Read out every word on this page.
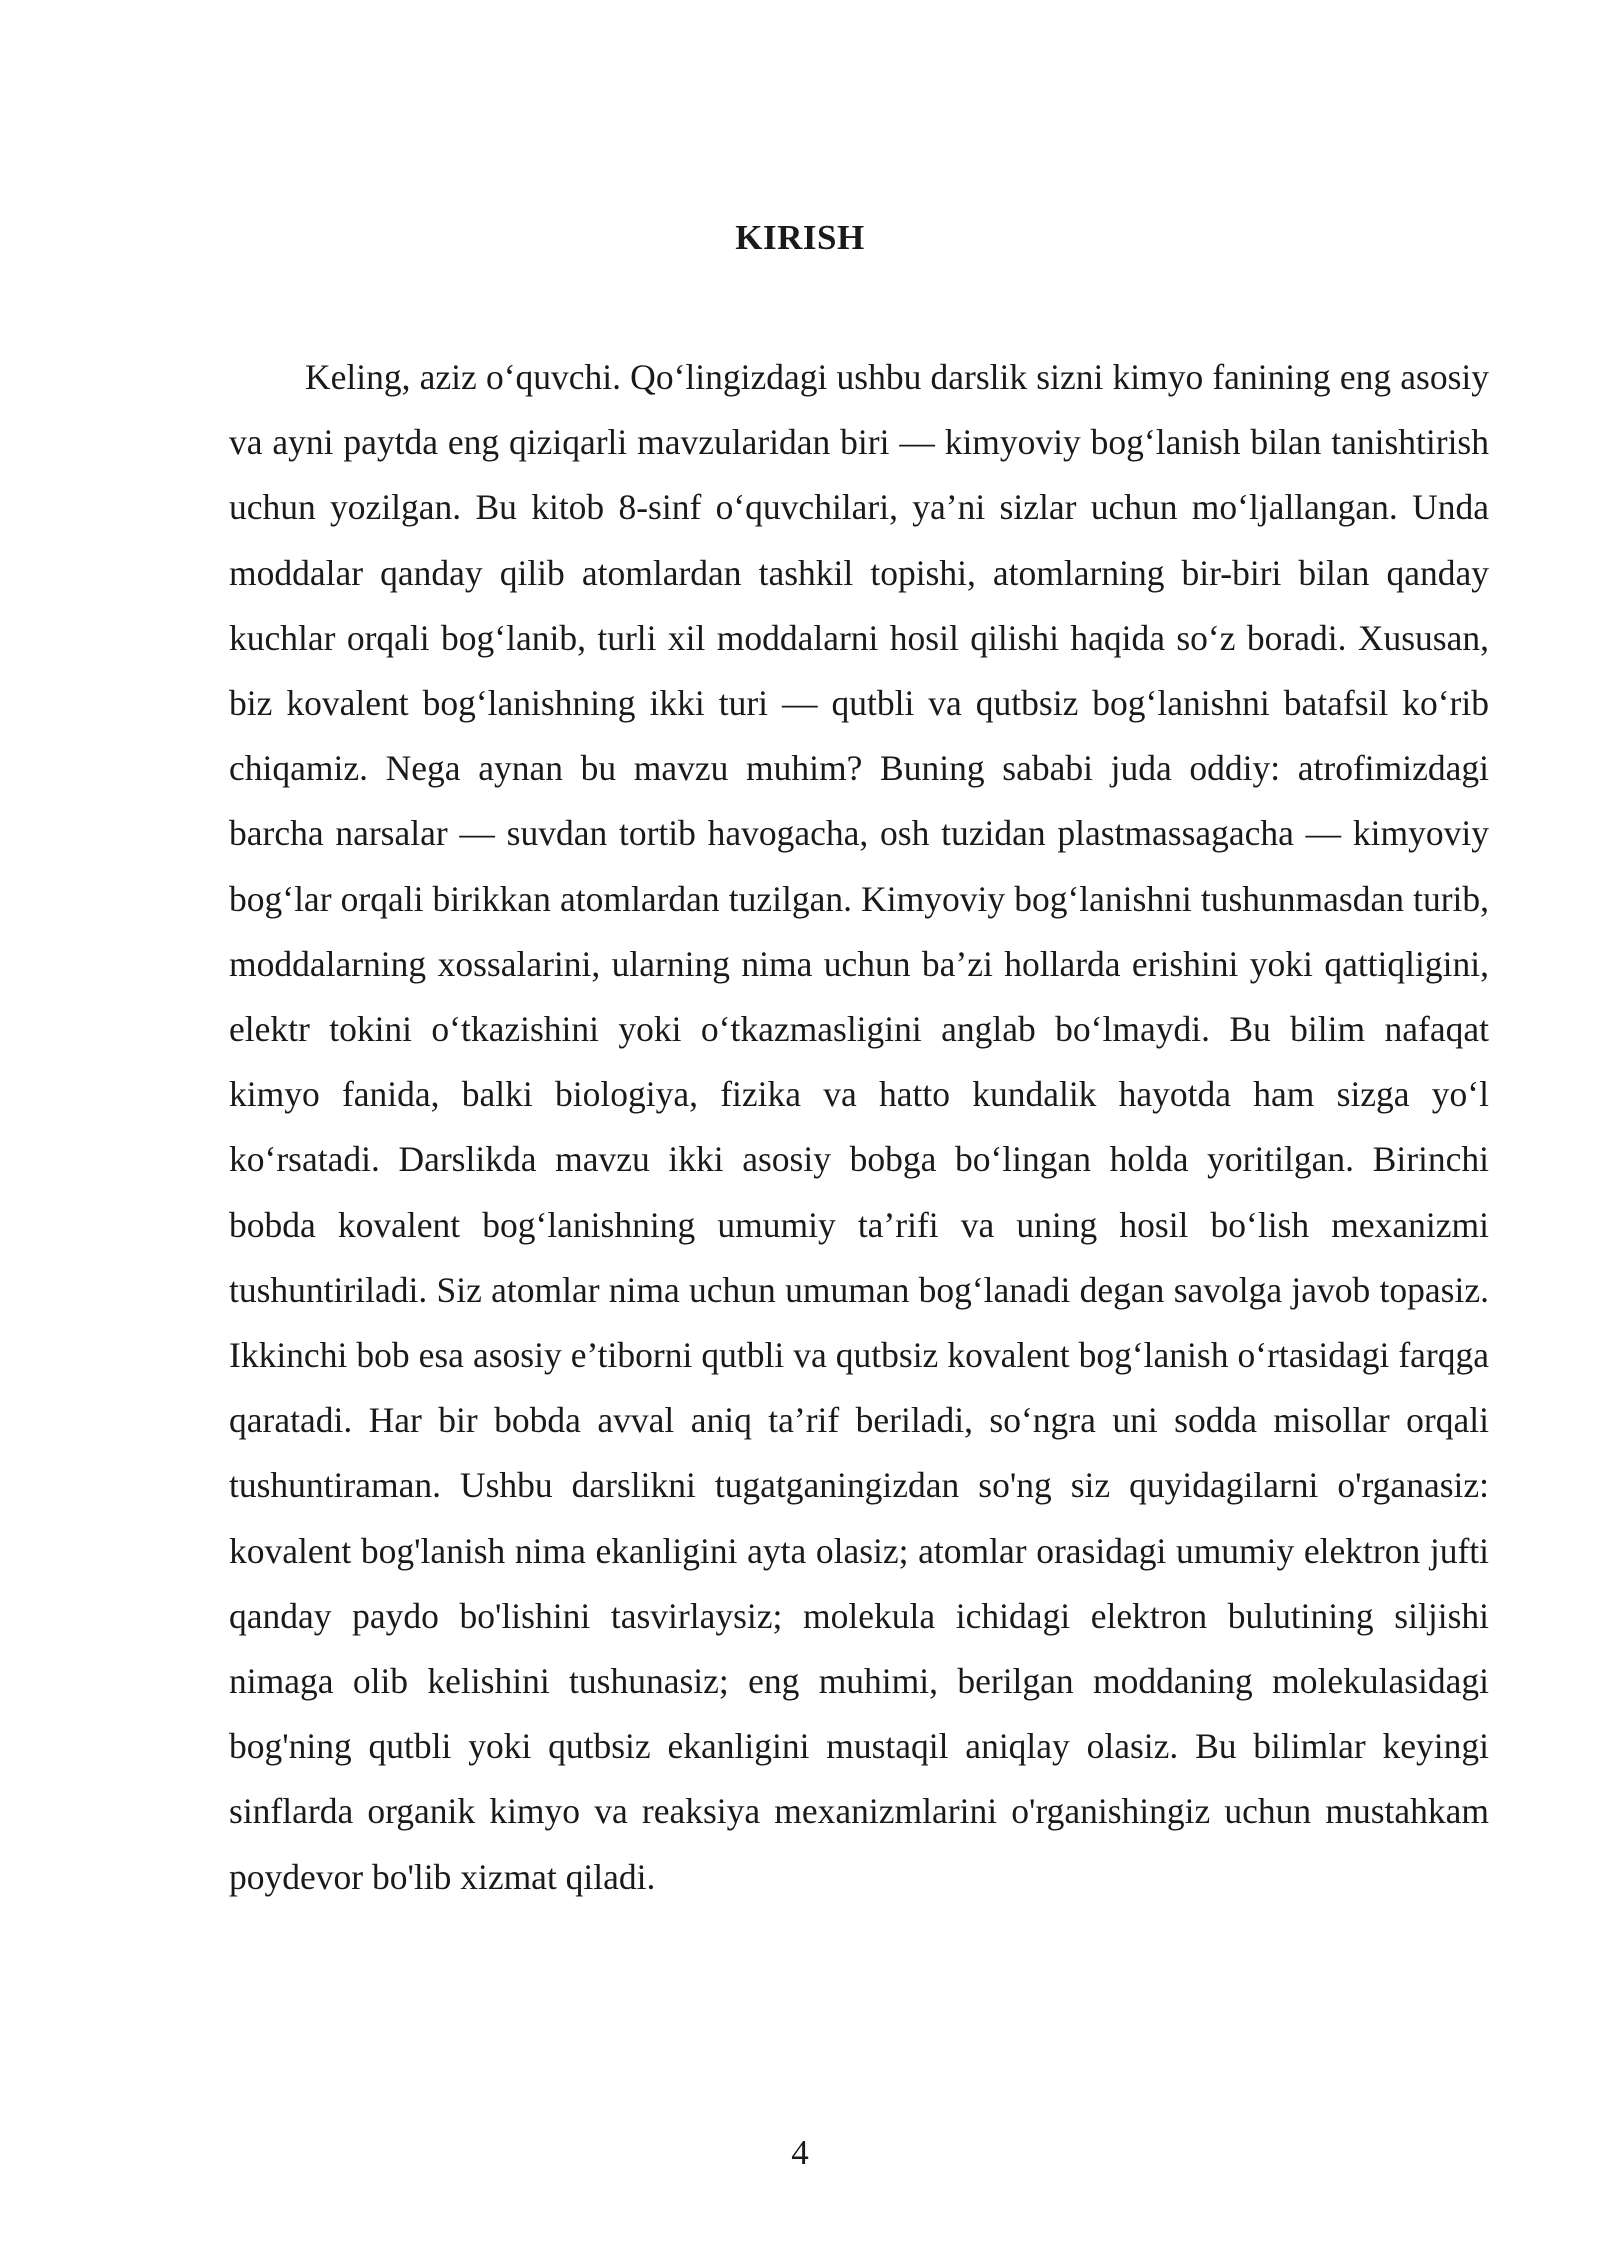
KIRISH

Keling, aziz o‘quvchi. Qo‘lingizdagi ushbu darslik sizni kimyo fanining eng asosiy va ayni paytda eng qiziqarli mavzularidan biri — kimyoviy bog‘lanish bilan tanishtirish uchun yozilgan. Bu kitob 8-sinf o‘quvchilari, ya’ni sizlar uchun mo‘ljallangan. Unda moddalar qanday qilib atomlardan tashkil topishi, atomlarning bir-biri bilan qanday kuchlar orqali bog‘lanib, turli xil moddalarni hosil qilishi haqida so‘z boradi. Xususan, biz kovalent bog‘lanishning ikki turi — qutbli va qutbsiz bog‘lanishni batafsil ko‘rib chiqamiz. Nega aynan bu mavzu muhim? Buning sababi juda oddiy: atrofimizdagi barcha narsalar — suvdan tortib havogacha, osh tuzidan plastmassagacha — kimyoviy bog‘lar orqali birikkan atomlardan tuzilgan. Kimyoviy bog‘lanishni tushunmasdan turib, moddalarning xossalarini, ularning nima uchun ba’zi hollarda erishini yoki qattiqligini, elektr tokini o‘tkazishini yoki o‘tkazmasligini anglab bo‘lmaydi. Bu bilim nafaqat kimyo fanida, balki biologiya, fizika va hatto kundalik hayotda ham sizga yo‘l ko‘rsatadi. Darslikda mavzu ikki asosiy bobga bo‘lingan holda yoritilgan. Birinchi bobda kovalent bog‘lanishning umumiy ta’rifi va uning hosil bo‘lish mexanizmi tushuntiriladi. Siz atomlar nima uchun umuman bog‘lanadi degan savolga javob topasiz. Ikkinchi bob esa asosiy e’tiborni qutbli va qutbsiz kovalent bog‘lanish o‘rtasidagi farqga qaratadi. Har bir bobda avval aniq ta’rif beriladi, so‘ngra uni sodda misollar orqali tushuntiraman. Ushbu darslikni tugatganingizdan so'ng siz quyidagilarni o'rganasiz: kovalent bog'lanish nima ekanligini ayta olasiz; atomlar orasidagi umumiy elektron jufti qanday paydo bo'lishini tasvirlaysiz; molekula ichidagi elektron bulutining siljishi nimaga olib kelishini tushunasiz; eng muhimi, berilgan moddaning molekulasidagi bog'ning qutbli yoki qutbsiz ekanligini mustaqil aniqlay olasiz. Bu bilimlar keyingi sinflarda organik kimyo va reaksiya mexanizmlarini o'rganishingiz uchun mustahkam poydevor bo'lib xizmat qiladi.

4
